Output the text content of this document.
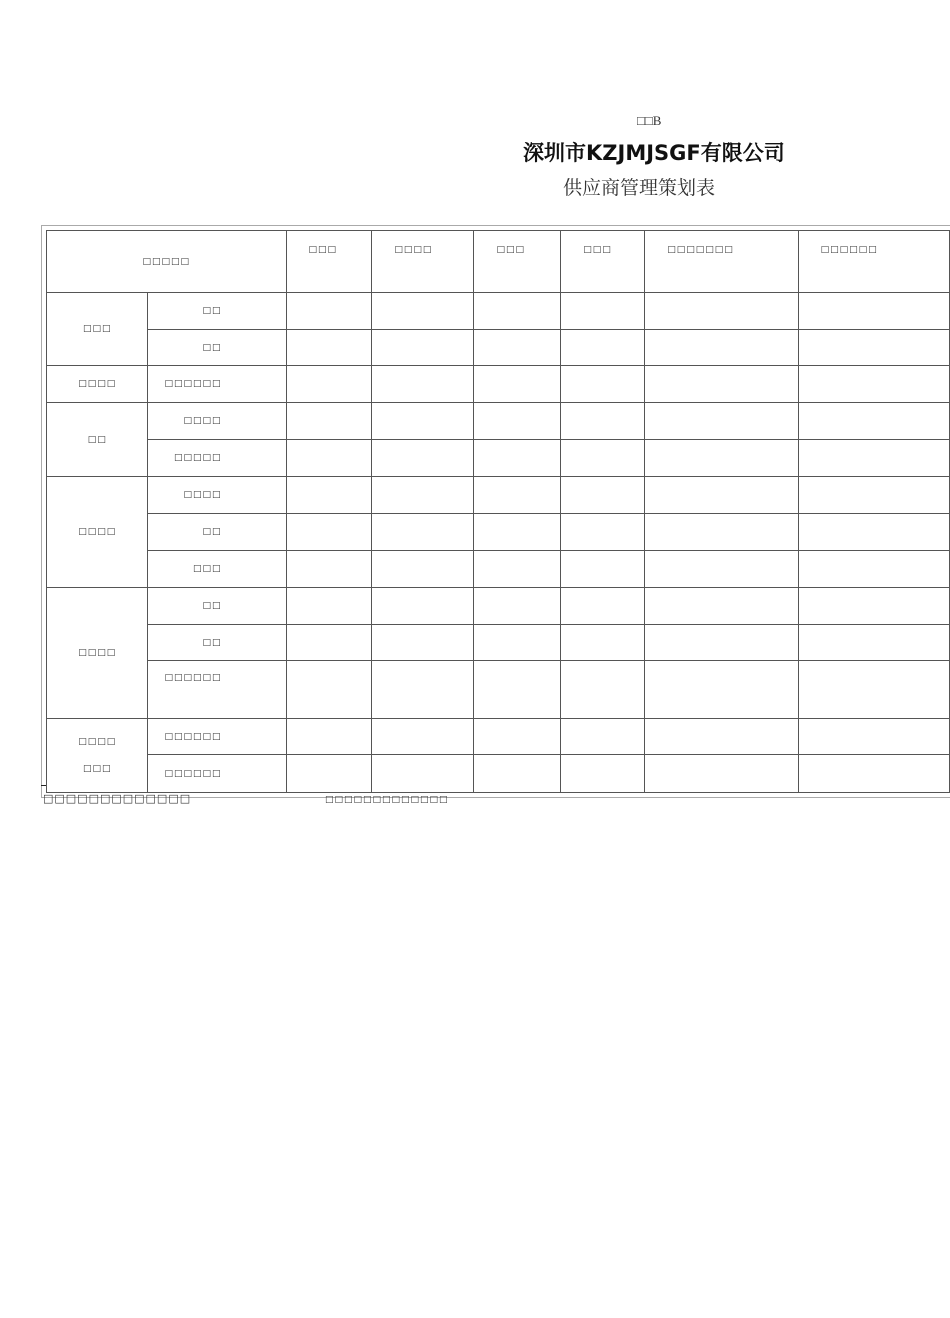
□□B
深圳市KZJMJSGF有限公司
供应商管理策划表
□□□□□		□□□	□□□□	□□□	□□□	□□□□□□□	□□□□□□
□□□	□□						
	□□						
□□□□	□□□□□□						
□□	□□□□						
	□□□□□						
□□□□	□□□□						
	□□						
	□□□						
□□□□	□□						
	□□						
	□□□□□□						

□□□□
□□□	□□□□□□						
	□□□□□□						
□□□□□□□□□□□□□	□□□□□□□□□□□□□
